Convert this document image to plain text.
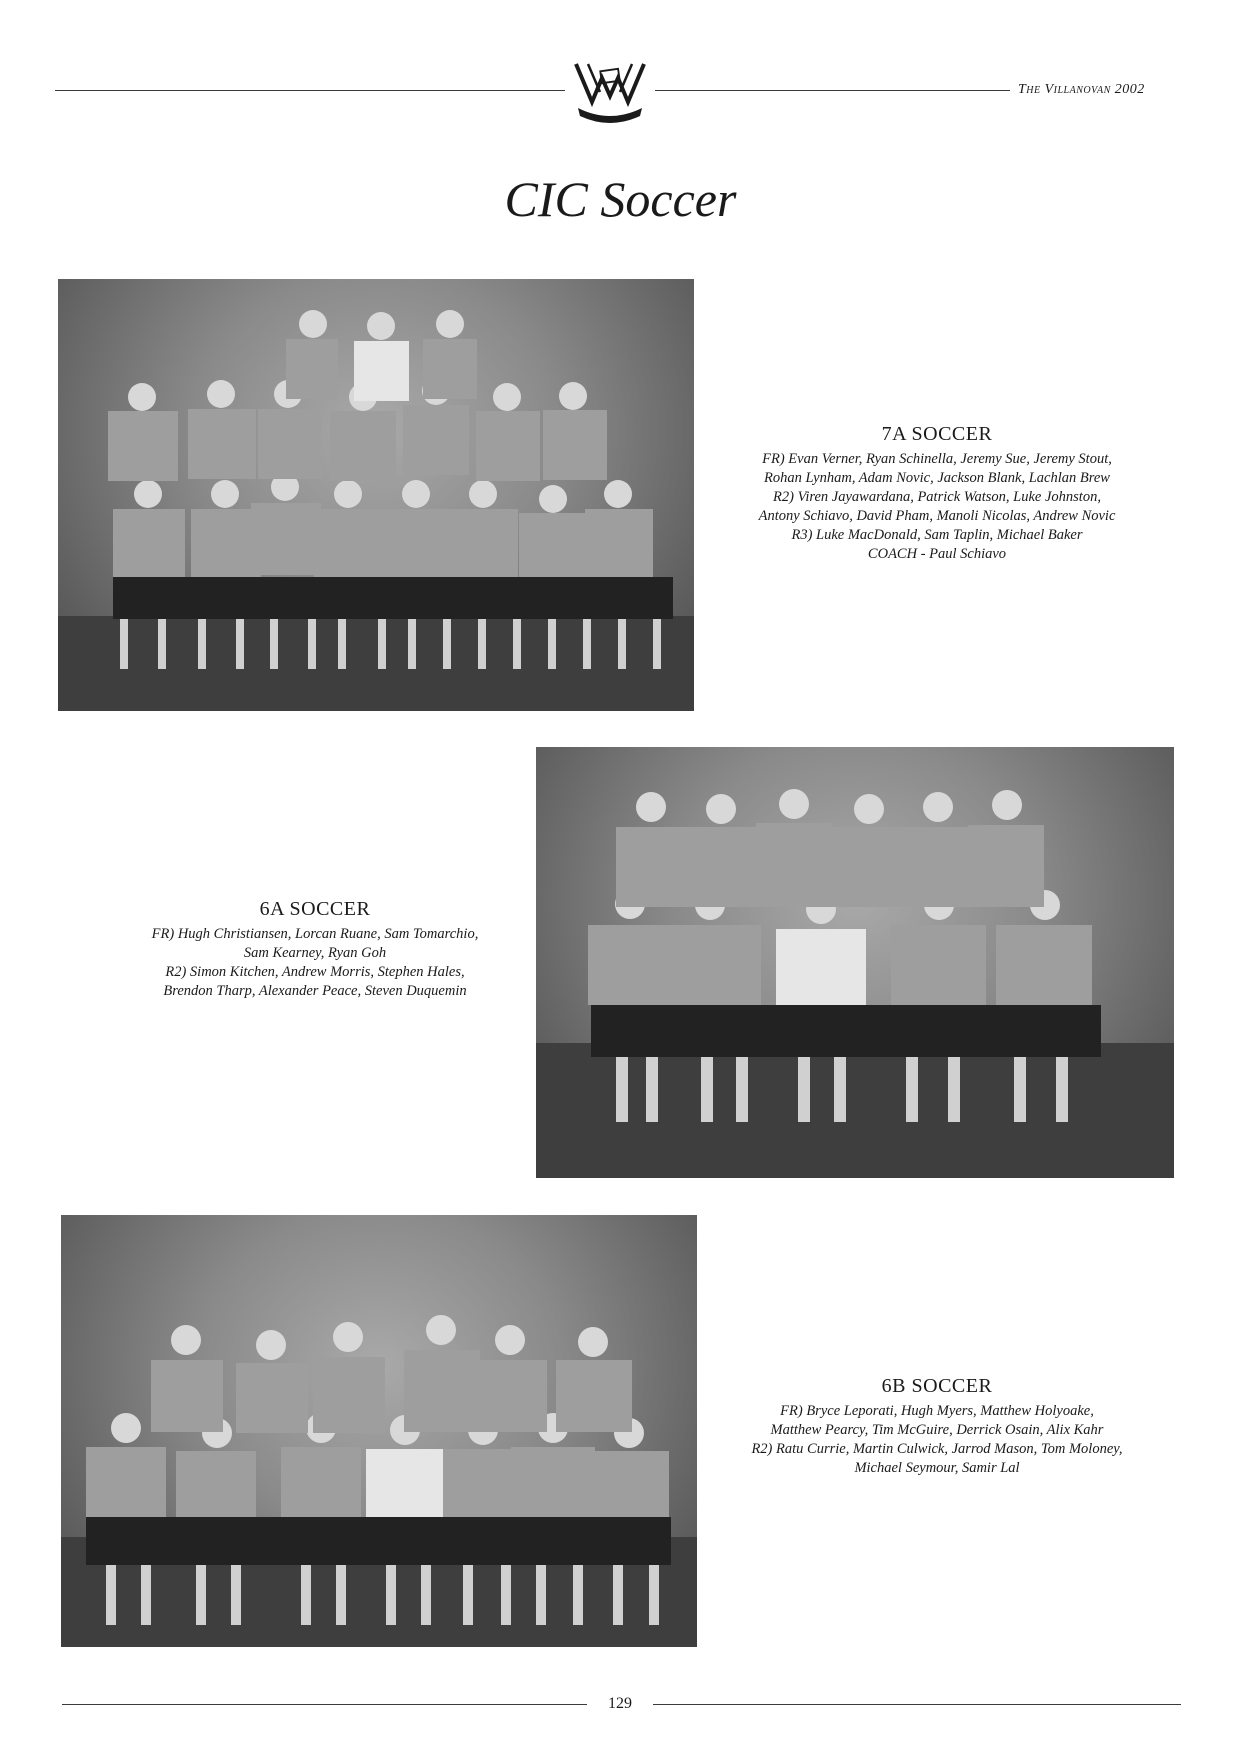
The Villanovan 2002
CIC Soccer
7A SOCCER
FR) Evan Verner, Ryan Schinella, Jeremy Sue, Jeremy Stout,
Rohan Lynham, Adam Novic, Jackson Blank, Lachlan Brew
R2) Viren Jayawardana, Patrick Watson, Luke Johnston,
Antony Schiavo, David Pham, Manoli Nicolas, Andrew Novic
R3) Luke MacDonald, Sam Taplin, Michael Baker
COACH - Paul Schiavo
6A SOCCER
FR) Hugh Christiansen, Lorcan Ruane, Sam Tomarchio,
Sam Kearney, Ryan Goh
R2) Simon Kitchen, Andrew Morris, Stephen Hales,
Brendon Tharp, Alexander Peace, Steven Duquemin
6B SOCCER
FR) Bryce Leporati, Hugh Myers, Matthew Holyoake,
Matthew Pearcy, Tim McGuire, Derrick Osain, Alix Kahr
R2) Ratu Currie, Martin Culwick, Jarrod Mason, Tom Moloney,
Michael Seymour, Samir Lal
129
